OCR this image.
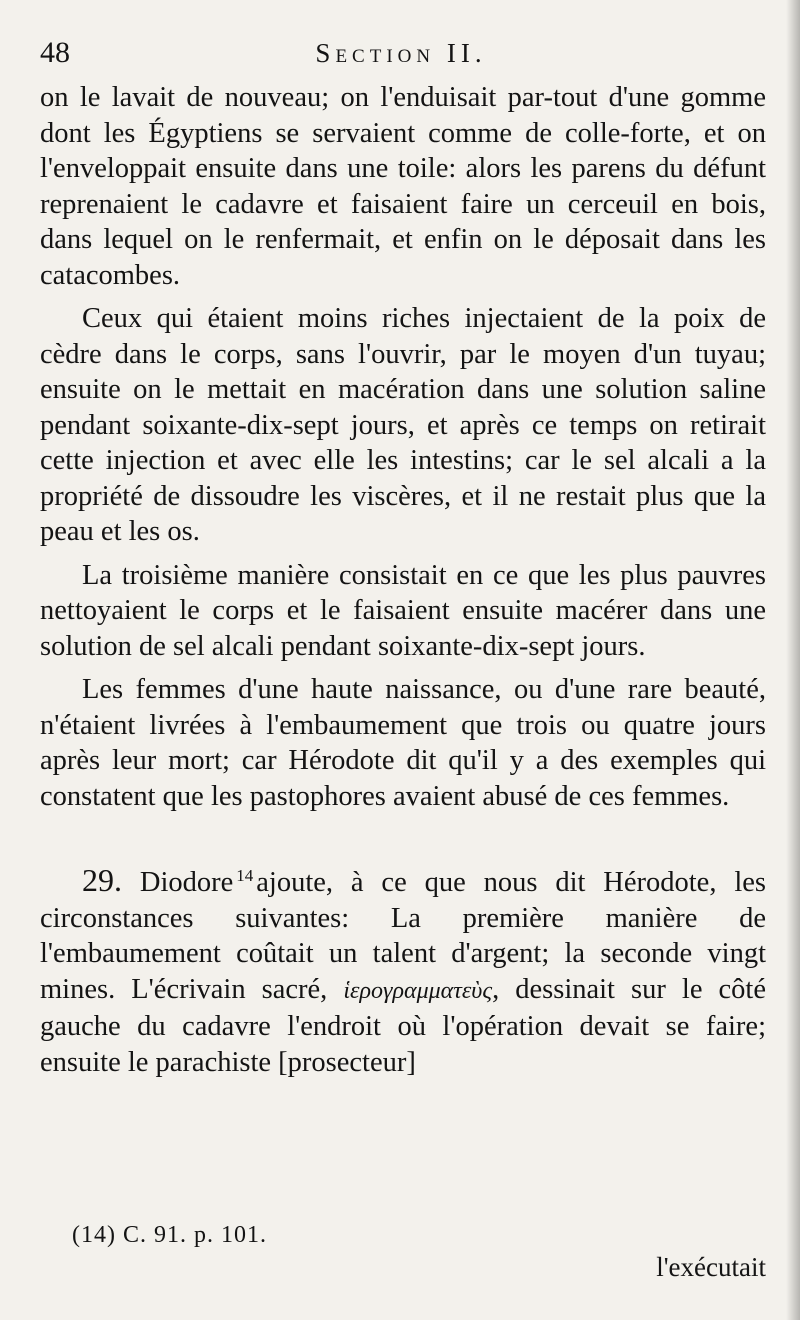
48	Section II.

on le lavait de nouveau; on l'enduisait par-tout d'une gomme dont les Égyptiens se servaient comme de colle-forte, et on l'enveloppait ensuite dans une toile: alors les parens du défunt reprenaient le cadavre et faisaient faire un cerceuil en bois, dans lequel on le renfermait, et enfin on le déposait dans les catacombes.

Ceux qui étaient moins riches injectaient de la poix de cèdre dans le corps, sans l'ouvrir, par le moyen d'un tuyau; ensuite on le mettait en macération dans une solution saline pendant soixante-dix-sept jours, et après ce temps on retirait cette injection et avec elle les intestins; car le sel alcali a la propriété de dissoudre les viscères, et il ne restait plus que la peau et les os.

La troisième manière consistait en ce que les plus pauvres nettoyaient le corps et le faisaient ensuite macérer dans une solution de sel alcali pendant soixante-dix-sept jours.

Les femmes d'une haute naissance, ou d'une rare beauté, n'étaient livrées à l'embaumement que trois ou quatre jours après leur mort; car Hérodote dit qu'il y a des exemples qui constatent que les pastophores avaient abusé de ces femmes.

29. Diodore $^{14}$ ajoute, à ce que nous dit Hérodote, les circonstances suivantes: La première manière de l'embaumement coûtait un talent d'argent; la seconde vingt mines. L'écrivain sacré, ἱερογραμματεὺς, dessinait sur le côté gauche du cadavre l'endroit où l'opération devait se faire; ensuite le parachiste [prosecteur]

(14) C. 91. p. 101.
l'exécutait
